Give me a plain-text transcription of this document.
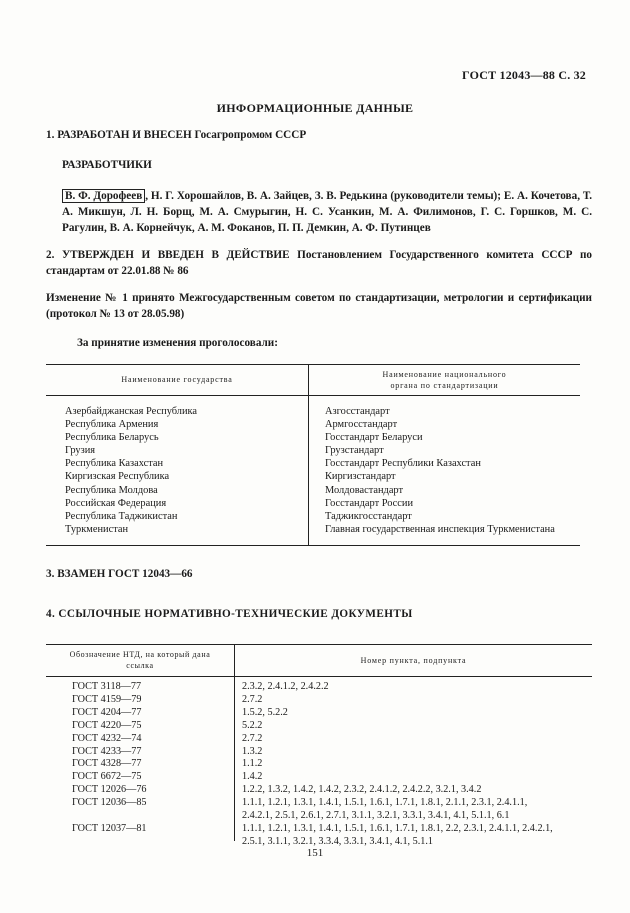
ГОСТ 12043—88 С. 32
ИНФОРМАЦИОННЫЕ ДАННЫЕ
1. РАЗРАБОТАН И ВНЕСЕН Госагропромом СССР
РАЗРАБОТЧИКИ
В. Ф. Дорофеев , Н. Г. Хорошайлов, В. А. Зайцев, З. В. Редькина (руководители темы); Е. А. Кочетова, Т. А. Микшун, Л. Н. Борщ, М. А. Смурыгин, Н. С. Усанкин, М. А. Филимонов, Г. С. Горшков, М. С. Рагулин, В. А. Корнейчук, А. М. Фоканов, П. П. Демкин, А. Ф. Путинцев
2. УТВЕРЖДЕН И ВВЕДЕН В ДЕЙСТВИЕ Постановлением Государственного комитета СССР по стандартам от 22.01.88 № 86
Изменение № 1 принято Межгосударственным советом по стандартизации, метрологии и сертификации (протокол № 13 от 28.05.98)
За принятие изменения проголосовали:
Наименование государства
Наименование национального
органа по стандартизации
Азербайджанская Республика
Республика Армения
Республика Беларусь
Грузия
Республика Казахстан
Киргизская Республика
Республика Молдова
Российская Федерация
Республика Таджикистан
Туркменистан
Азгосстандарт
Армгосстандарт
Госстандарт Беларуси
Грузстандарт
Госстандарт Республики Казахстан
Киргизстандарт
Молдовастандарт
Госстандарт России
Таджикгосстандарт
Главная государственная инспекция Туркменистана
3. ВЗАМЕН ГОСТ 12043—66
4. ССЫЛОЧНЫЕ НОРМАТИВНО-ТЕХНИЧЕСКИЕ ДОКУМЕНТЫ
Обозначение НТД, на который дана
ссылка
Номер пункта, подпункта
ГОСТ 3118—77
ГОСТ 4159—79
ГОСТ 4204—77
ГОСТ 4220—75
ГОСТ 4232—74
ГОСТ 4233—77
ГОСТ 4328—77
ГОСТ 6672—75
ГОСТ 12026—76
ГОСТ 12036—85

ГОСТ 12037—81

2.3.2, 2.4.1.2, 2.4.2.2
2.7.2
1.5.2, 5.2.2
5.2.2
2.7.2
1.3.2
1.1.2
1.4.2
1.2.2, 1.3.2, 1.4.2, 1.4.2, 2.3.2, 2.4.1.2, 2.4.2.2, 3.2.1, 3.4.2
1.1.1, 1.2.1, 1.3.1, 1.4.1, 1.5.1, 1.6.1, 1.7.1, 1.8.1, 2.1.1, 2.3.1, 2.4.1.1,
2.4.2.1, 2.5.1, 2.6.1, 2.7.1, 3.1.1, 3.2.1, 3.3.1, 3.4.1, 4.1, 5.1.1, 6.1
1.1.1, 1.2.1, 1.3.1, 1.4.1, 1.5.1, 1.6.1, 1.7.1, 1.8.1, 2.2, 2.3.1, 2.4.1.1, 2.4.2.1,
2.5.1, 3.1.1, 3.2.1, 3.3.4, 3.3.1, 3.4.1, 4.1, 5.1.1
151
